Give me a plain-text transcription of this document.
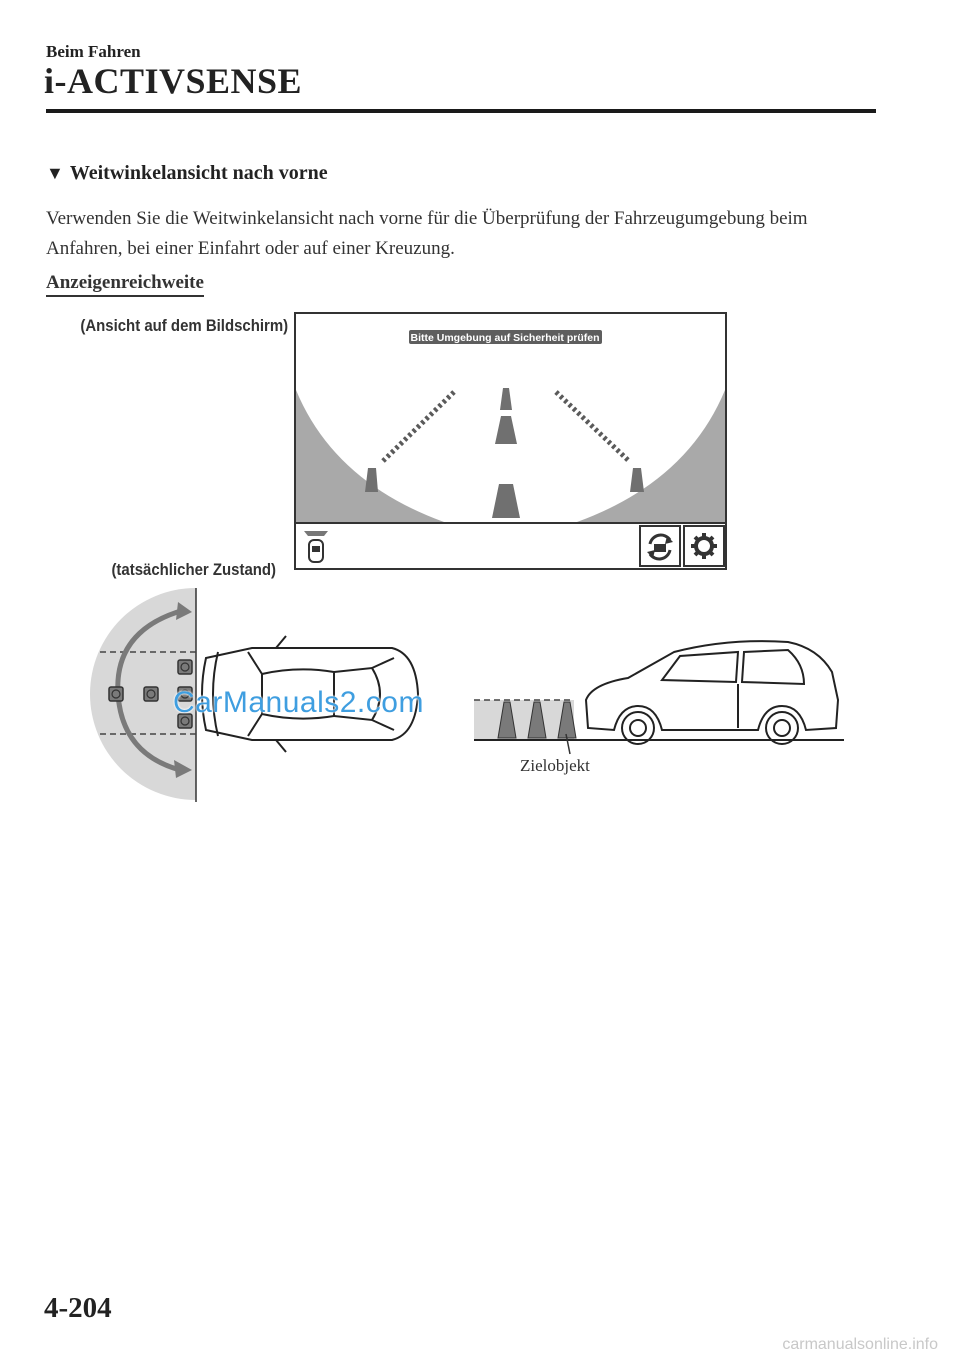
Beim Fahren
i-ACTIVSENSE
▼ Weitwinkelansicht nach vorne
Verwenden Sie die Weitwinkelansicht nach vorne für die Überprüfung der Fahrzeugumgebung beim Anfahren, bei einer Einfahrt oder auf einer Kreuzung.
Anzeigenreichweite
(Ansicht auf dem Bildschirm)
Bitte Umgebung auf Sicherheit prüfen
(tatsächlicher Zustand)
Zielobjekt
CarManuals2.com
4-204
carmanualsonline.info
